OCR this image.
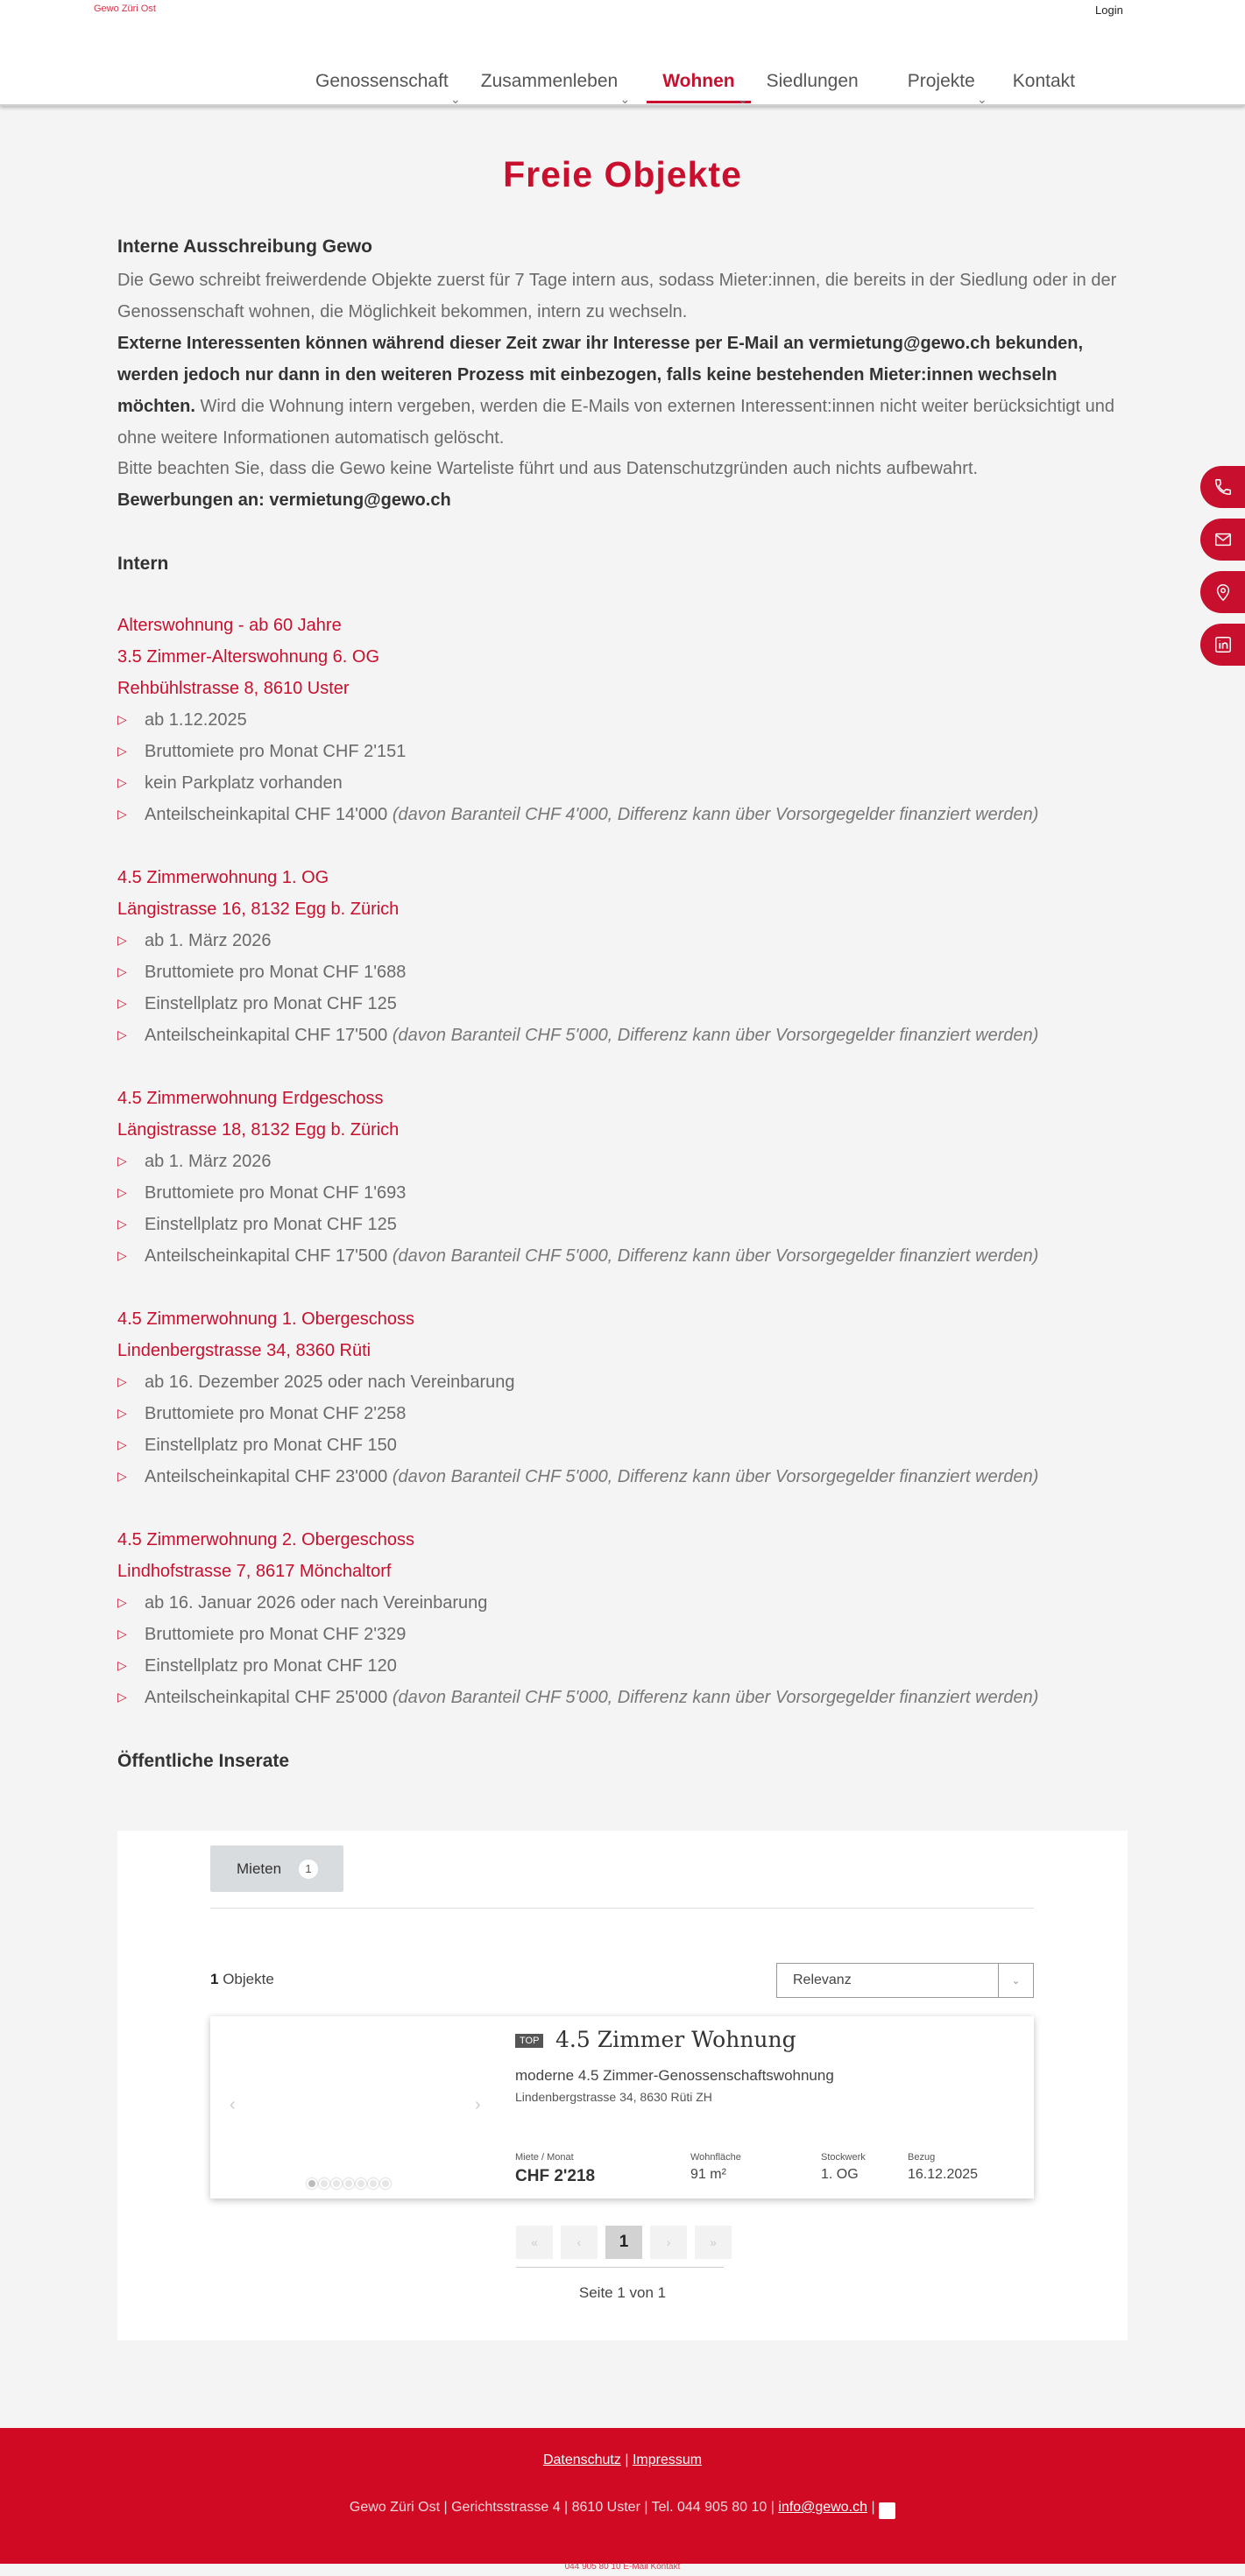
Gewo Züri Ost	Login
Genossenschaft
⌄
Zusammenleben
⌄
Wohnen
⌄
Siedlungen	Projekte
⌄
Kontakt
Freie Objekte
Interne Ausschreibung Gewo
Die Gewo schreibt freiwerdende Objekte zuerst für 7 Tage intern aus, sodass Mieter:innen, die bereits in der Siedlung oder in der Genossenschaft wohnen, die Möglichkeit bekommen, intern zu wechseln.
Externe Interessenten können während dieser Zeit zwar ihr Interesse per E-Mail an vermietung@gewo.ch bekunden, werden jedoch nur dann in den weiteren Prozess mit einbezogen, falls keine bestehenden Mieter:innen wechseln möchten. Wird die Wohnung intern vergeben, werden die E-Mails von externen Interessent:innen nicht weiter berücksichtigt und ohne weitere Informationen automatisch gelöscht.
Bitte beachten Sie, dass die Gewo keine Warteliste führt und aus Datenschutzgründen auch nichts aufbewahrt.
Bewerbungen an: vermietung@gewo.ch
Intern
Alterswohnung - ab 60 Jahre
3.5 Zimmer-Alterswohnung 6. OG
Rehbühlstrasse 8, 8610 Uster
▷ ab 1.12.2025
▷ Bruttomiete pro Monat CHF 2'151
▷ kein Parkplatz vorhanden
▷ Anteilscheinkapital CHF 14'000 (davon Baranteil CHF 4'000, Differenz kann über Vorsorgegelder finanziert werden)
4.5 Zimmerwohnung 1. OG
Längistrasse 16, 8132 Egg b. Zürich
▷ ab 1. März 2026
▷ Bruttomiete pro Monat CHF 1'688
▷ Einstellplatz pro Monat CHF 125
▷ Anteilscheinkapital CHF 17'500 (davon Baranteil CHF 5'000, Differenz kann über Vorsorgegelder finanziert werden)
4.5 Zimmerwohnung Erdgeschoss
Längistrasse 18, 8132 Egg b. Zürich
▷ ab 1. März 2026
▷ Bruttomiete pro Monat CHF 1'693
▷ Einstellplatz pro Monat CHF 125
▷ Anteilscheinkapital CHF 17'500 (davon Baranteil CHF 5'000, Differenz kann über Vorsorgegelder finanziert werden)
4.5 Zimmerwohnung 1. Obergeschoss
Lindenbergstrasse 34, 8360 Rüti
▷ ab 16. Dezember 2025 oder nach Vereinbarung
▷ Bruttomiete pro Monat CHF 2'258
▷ Einstellplatz pro Monat CHF 150
▷ Anteilscheinkapital CHF 23'000 (davon Baranteil CHF 5'000, Differenz kann über Vorsorgegelder finanziert werden)
4.5 Zimmerwohnung 2. Obergeschoss
Lindhofstrasse 7, 8617 Mönchaltorf
▷ ab 16. Januar 2026 oder nach Vereinbarung
▷ Bruttomiete pro Monat CHF 2'329
▷ Einstellplatz pro Monat CHF 120
▷ Anteilscheinkapital CHF 25'000 (davon Baranteil CHF 5'000, Differenz kann über Vorsorgegelder finanziert werden)
Öffentliche Inserate
Mieten	1
1 Objekte	Relevanz	⌄
‹	›
TOP 4.5 Zimmer Wohnung
moderne 4.5 Zimmer-Genossenschaftswohnung
Lindenbergstrasse 34, 8630 Rüti ZH
Miete / Monat
CHF 2'218
Wohnfläche
91 m²
Stockwerk
1. OG
Bezug
16.12.2025
«	‹	1	›	»
Seite 1 von 1
Datenschutz | Impressum
Gewo Züri Ost | Gerichtsstrasse 4 | 8610 Uster | Tel. 044 905 80 10 | info@gewo.ch | in
044 905 80 10 E-Mail Kontakt
